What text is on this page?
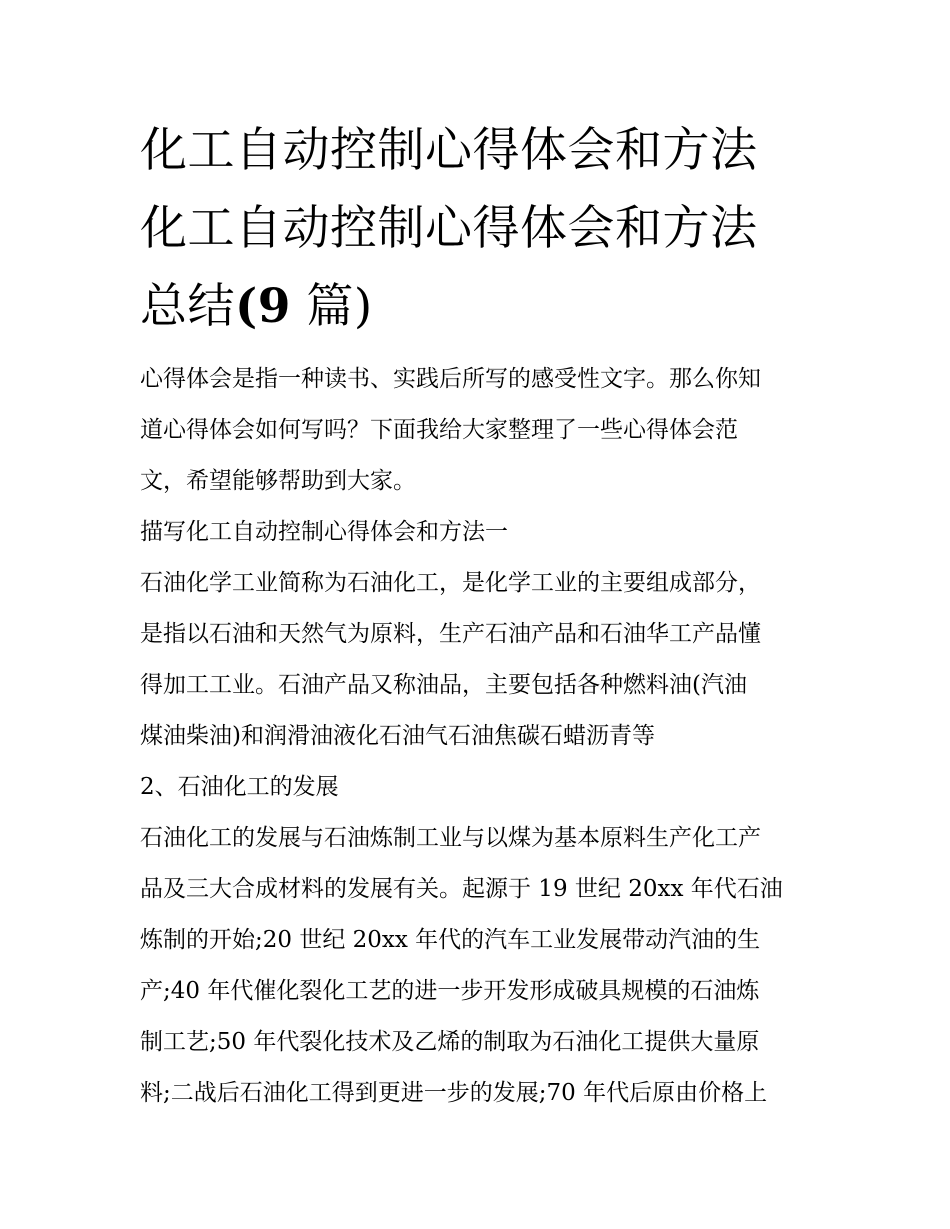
化工自动控制心得体会和方法
化工自动控制心得体会和方法
总结(9 篇)

心得体会是指一种读书、实践后所写的感受性文字。那么你知
道心得体会如何写吗？下面我给大家整理了一些心得体会范
文，希望能够帮助到大家。

描写化工自动控制心得体会和方法一

石油化学工业简称为石油化工，是化学工业的主要组成部分，
是指以石油和天然气为原料，生产石油产品和石油华工产品懂
得加工工业。石油产品又称油品，主要包括各种燃料油(汽油
煤油柴油)和润滑油液化石油气石油焦碳石蜡沥青等

2、石油化工的发展

石油化工的发展与石油炼制工业与以煤为基本原料生产化工产
品及三大合成材料的发展有关。起源于 19 世纪 20xx 年代石油
炼制的开始;20 世纪 20xx 年代的汽车工业发展带动汽油的生
产;40 年代催化裂化工艺的进一步开发形成破具规模的石油炼
制工艺;50 年代裂化技术及乙烯的制取为石油化工提供大量原
料;二战后石油化工得到更进一步的发展;70 年代后原由价格上
